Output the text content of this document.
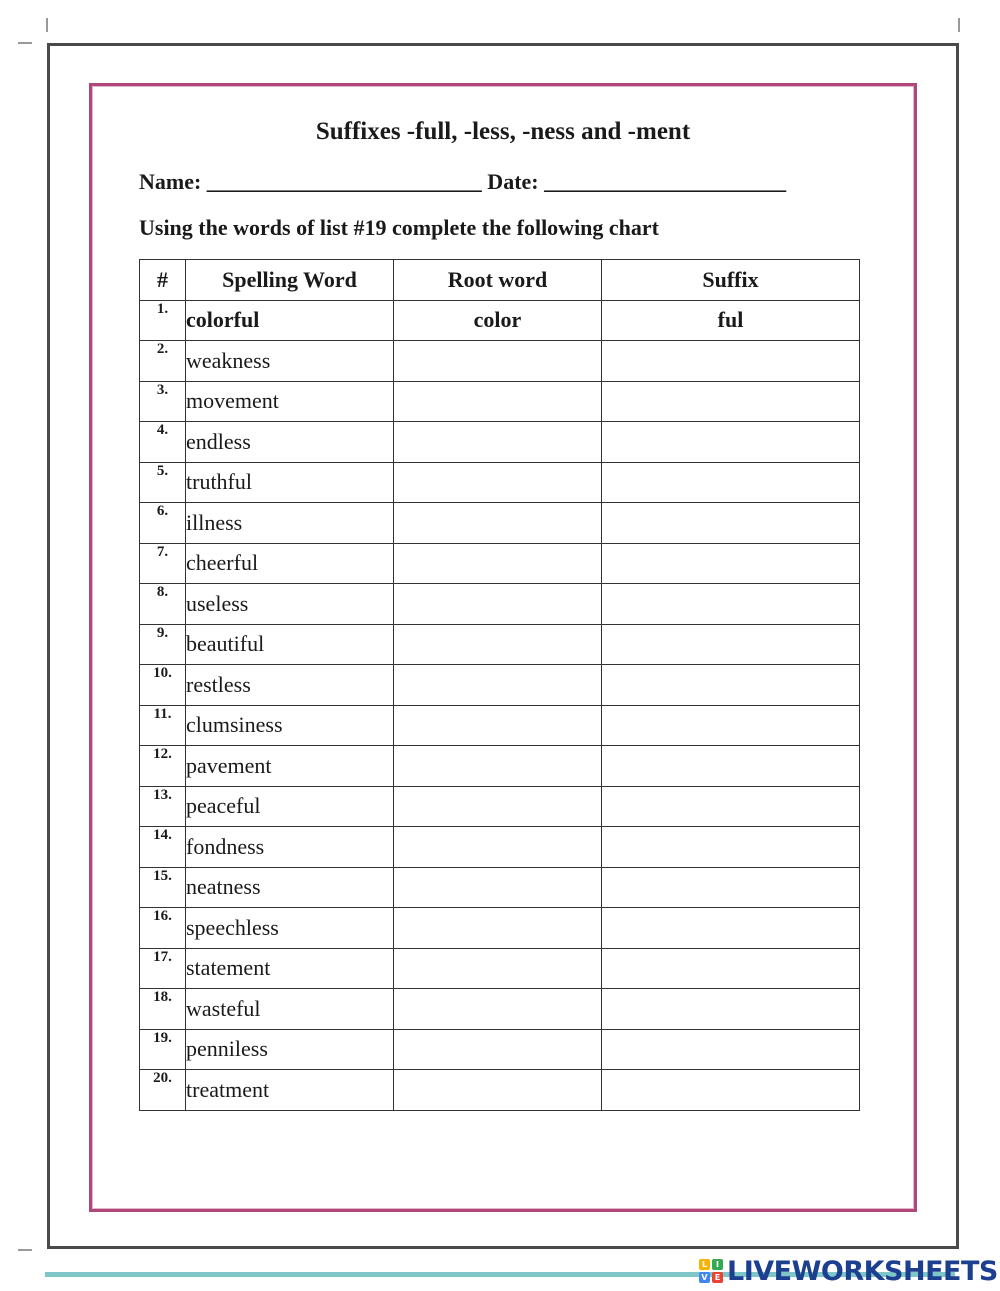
Suffixes -full, -less, -ness and -ment
Name: _________________________ Date: ______________________
Using the words of list #19 complete the following chart
#	Spelling Word	Root word	Suffix
1.	colorful	color	ful
2.	weakness		
3.	movement		
4.	endless		
5.	truthful		
6.	illness		
7.	cheerful		
8.	useless		
9.	beautiful		
10.	restless		
11.	clumsiness		
12.	pavement		
13.	peaceful		
14.	fondness		
15.	neatness		
16.	speechless		
17.	statement		
18.	wasteful		
19.	penniless		
20.	treatment		
L	I
V E LIVEWORKSHEETS
